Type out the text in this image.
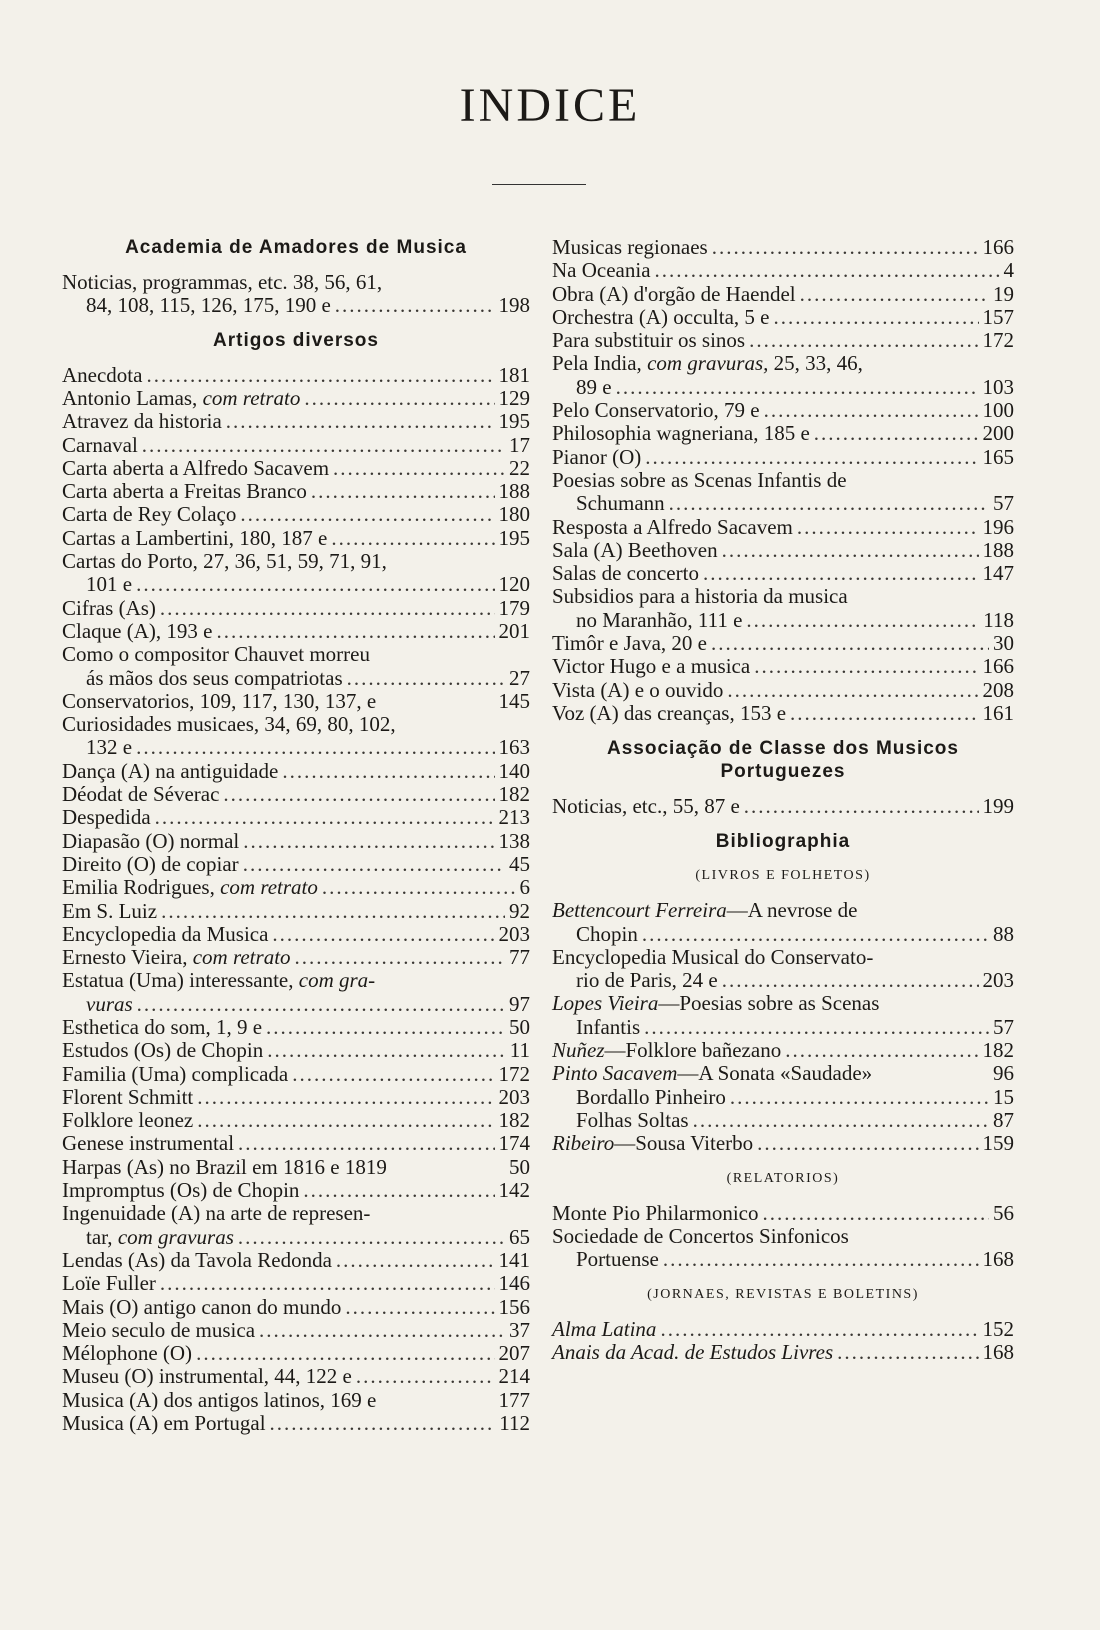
INDICE
Academia de Amadores de Musica
Noticias, programmas, etc. 38, 56, 61,
84, 108, 115, 126, 175, 190 e .....	198
Artigos diversos
Anecdota .....	181
Antonio Lamas, com retrato .....	129
Atravez da historia .....	195
Carnaval .....	17
Carta aberta a Alfredo Sacavem .....	22
Carta aberta a Freitas Branco .....	188
Carta de Rey Colaço .....	180
Cartas a Lambertini, 180, 187 e .....	195
Cartas do Porto, 27, 36, 51, 59, 71, 91,
101 e .....	120
Cifras (As) .....	179
Claque (A), 193 e .....	201
Como o compositor Chauvet morreu
ás mãos dos seus compatriotas .....	27
Conservatorios, 109, 117, 130, 137, e	145
Curiosidades musicaes, 34, 69, 80, 102,
132 e .....	163
Dança (A) na antiguidade .....	140
Déodat de Séverac .....	182
Despedida .....	213
Diapasão (O) normal .....	138
Direito (O) de copiar .....	45
Emilia Rodrigues, com retrato .....	6
Em S. Luiz .....	92
Encyclopedia da Musica .....	203
Ernesto Vieira, com retrato .....	77
Estatua (Uma) interessante, com gra-
vuras .....	97
Esthetica do som, 1, 9 e .....	50
Estudos (Os) de Chopin .....	11
Familia (Uma) complicada .....	172
Florent Schmitt .....	203
Folklore leonez .....	182
Genese instrumental .....	174
Harpas (As) no Brazil em 1816 e 1819	50
Impromptus (Os) de Chopin .....	142
Ingenuidade (A) na arte de represen-
tar, com gravuras .....	65
Lendas (As) da Tavola Redonda .....	141
Loïe Fuller .....	146
Mais (O) antigo canon do mundo .....	156
Meio seculo de musica .....	37
Mélophone (O) .....	207
Museu (O) instrumental, 44, 122 e .....	214
Musica (A) dos antigos latinos, 169 e	177
Musica (A) em Portugal .....	112
Musicas regionaes .....	166
Na Oceania .....	4
Obra (A) d'orgão de Haendel .....	19
Orchestra (A) occulta, 5 e .....	157
Para substituir os sinos .....	172
Pela India, com gravuras, 25, 33, 46,
89 e .....	103
Pelo Conservatorio, 79 e .....	100
Philosophia wagneriana, 185 e .....	200
Pianor (O) .....	165
Poesias sobre as Scenas Infantis de
Schumann .....	57
Resposta a Alfredo Sacavem .....	196
Sala (A) Beethoven .....	188
Salas de concerto .....	147
Subsidios para a historia da musica
no Maranhão, 111 e .....	118
Timôr e Java, 20 e .....	30
Victor Hugo e a musica .....	166
Vista (A) e o ouvido .....	208
Voz (A) das creanças, 153 e .....	161
Associação de Classe dos Musicos
Portuguezes
Noticias, etc., 55, 87 e .....	199
Bibliographia
(LIVROS E FOLHETOS)
Bettencourt Ferreira—A nevrose de
Chopin .....	88
Encyclopedia Musical do Conservato-
rio de Paris, 24 e .....	203
Lopes Vieira—Poesias sobre as Scenas
Infantis .....	57
Nuñez—Folklore bañezano .....	182
Pinto Sacavem—A Sonata «Saudade»	96
Bordallo Pinheiro .....	15
Folhas Soltas .....	87
Ribeiro—Sousa Viterbo .....	159
(RELATORIOS)
Monte Pio Philarmonico .....	56
Sociedade de Concertos Sinfonicos
Portuense .....	168
(JORNAES, REVISTAS E BOLETINS)
Alma Latina .....	152
Anais da Acad. de Estudos Livres .....	168
